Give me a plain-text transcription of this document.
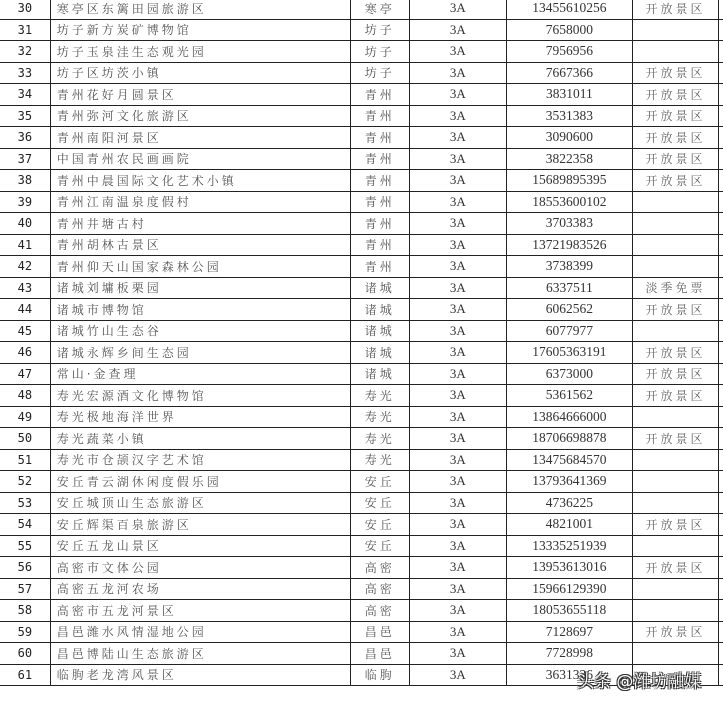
30	寒亭区东篱田园旅游区	寒亭	3A	13455610256	开放景区	
31	坊子新方炭矿博物馆	坊子	3A	7658000		
32	坊子玉泉洼生态观光园	坊子	3A	7956956		
33	坊子区坊茨小镇	坊子	3A	7667366	开放景区	
34	青州花好月圆景区	青州	3A	3831011	开放景区	
35	青州弥河文化旅游区	青州	3A	3531383	开放景区	
36	青州南阳河景区	青州	3A	3090600	开放景区	
37	中国青州农民画画院	青州	3A	3822358	开放景区	
38	青州中晨国际文化艺术小镇	青州	3A	15689895395	开放景区	
39	青州江南温泉度假村	青州	3A	18553600102		
40	青州井塘古村	青州	3A	3703383		
41	青州胡林古景区	青州	3A	13721983526		
42	青州仰天山国家森林公园	青州	3A	3738399		
43	诸城刘墉板栗园	诸城	3A	6337511	淡季免票	
44	诸城市博物馆	诸城	3A	6062562	开放景区	
45	诸城竹山生态谷	诸城	3A	6077977		
46	诸城永辉乡间生态园	诸城	3A	17605363191	开放景区	
47	常山·金查理	诸城	3A	6373000	开放景区	
48	寿光宏源酒文化博物馆	寿光	3A	5361562	开放景区	
49	寿光极地海洋世界	寿光	3A	13864666000		
50	寿光蔬菜小镇	寿光	3A	18706698878	开放景区	
51	寿光市仓颉汉字艺术馆	寿光	3A	13475684570		
52	安丘青云湖休闲度假乐园	安丘	3A	13793641369		
53	安丘城顶山生态旅游区	安丘	3A	4736225		
54	安丘辉渠百泉旅游区	安丘	3A	4821001	开放景区	
55	安丘五龙山景区	安丘	3A	13335251939		
56	高密市文体公园	高密	3A	13953613016	开放景区	
57	高密五龙河农场	高密	3A	15966129390		
58	高密市五龙河景区	高密	3A	18053655118		
59	昌邑潍水风情湿地公园	昌邑	3A	7128697	开放景区	
60	昌邑博陆山生态旅游区	昌邑	3A	7728998		
61	临朐老龙湾风景区	临朐	3A	3631336		
头条 @潍坊融媒
